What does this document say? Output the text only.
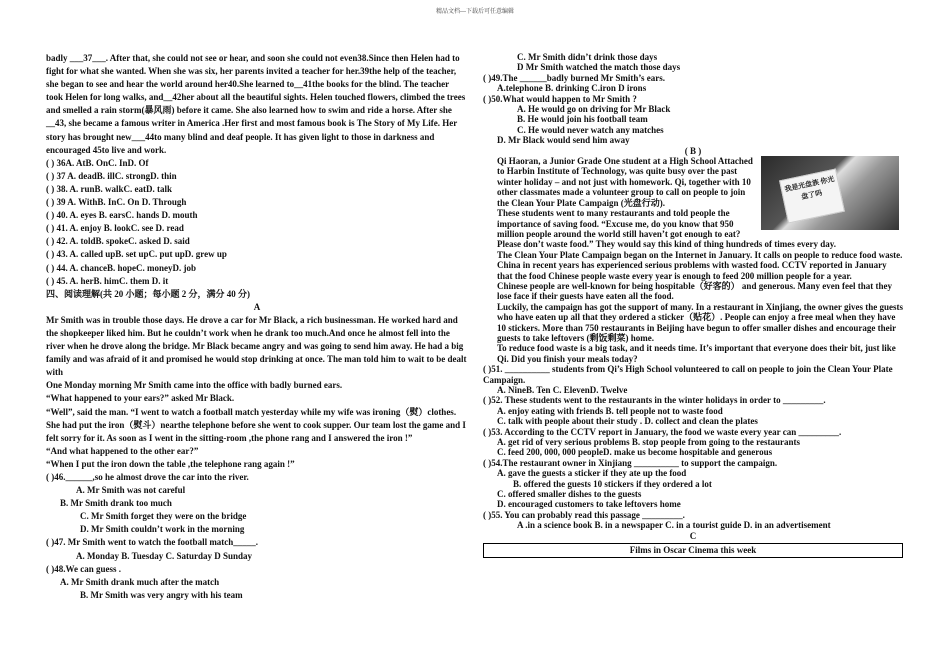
精品文档---下载后可任意编辑

badly ___37___. After that, she could not see or hear, and soon she could not even38.Since then Helen had to fight for what she wanted. When she was six, her parents invited a teacher for her.39the help of the teacher, she began to see and hear the world around her40.She learned to__41the books for the blind. The teacher took Helen for long walks, and__42her about all the beautiful sights. Helen touched flowers, climbed the trees and smelled a rain storm(暴风雨) before it came. She also learned how to swim and ride a horse. After she __43, she became a famous writer in America .Her first and most famous book is The Story of My Life. Her story has brought new___44to many blind and deaf people. It has given light to those in darkness and encouraged 45to live and work.

( ) 36A. AtB. OnC. InD. Of

( ) 37 A. deadB. illC. strongD. thin

( ) 38. A. runB. walkC. eatD. talk

( ) 39 A. WithB. InC. On D. Through

( ) 40. A. eyes B. earsC. hands D. mouth

( ) 41. A. enjoy B. lookC. see D. read

( ) 42. A. toldB. spokeC. asked D. said

( ) 43. A. called upB. set upC. put upD. grew up

( ) 44. A. chanceB. hopeC. moneyD. job

( ) 45. A. herB. himC. them D. it

四、阅读理解(共 20 小题；每小题 2 分，满分 40 分)

A

Mr Smith was in trouble those days. He drove a car for Mr Black, a rich businessman. He worked hard and the shopkeeper liked him. But he couldn’t work when he drank too much.And once he almost fell into the river when he drove along the bridge. Mr Black became angry and was going to send him away. He had a big family and was afraid of it and promised he would stop drinking at once. The man told him to wait to be dealt with

One Monday morning Mr Smith came into the office with badly burned ears.

“What happened to your ears?” asked Mr Black.

“Well”, said the man. “I went to watch a football match yesterday while my wife was ironing（熨）clothes. She had put the iron（熨斗）nearthe telephone before she went to cook supper. Our team lost the game and I felt sorry for it. As soon as I went in the sitting-room ,the phone rang and I answered the iron !”

“And what happened to the other ear?”

“When I put the iron down the table ,the telephone rang again !”

( )46.______,so he almost drove the car into the river.

A. Mr Smith was not careful

B. Mr Smith drank too much

C. Mr Smith forget they were on the bridge

D. Mr Smith couldn’t work in the morning

( )47. Mr Smith went to watch the football match_____.

A. Monday B. Tuesday C. Saturday D Sunday

( )48.We can guess .

A. Mr Smith drank much after the match

B. Mr Smith was very angry with his team

C. Mr Smith didn’t drink those days

D Mr Smith watched the match those days

( )49.The ______badly burned Mr Smith’s ears.

A.telephone B. drinking C.iron D irons

( )50.What would happen to Mr Smith ?

A. He would go on driving for Mr Black

B. He would join his football team

C. He would never watch any matches

D. Mr Black would send him away

( B )

我是光盘族 你光盘了吗

Qi Haoran, a Junior Grade One student at a High School Attached to Harbin Institute of Technology, was quite busy over the past winter holiday – and not just with homework. Qi, together with 10 other classmates made a volunteer group to call on people to join the Clean Your Plate Campaign (光盘行动).

These students went to many restaurants and told people the importance of saving food. “Excuse me, do you know that 950 million people around the world still haven’t got enough to eat? Please don’t waste food.” They would say this kind of thing hundreds of times every day.

The Clean Your Plate Campaign began on the Internet in January. It calls on people to reduce food waste. China in recent years has experienced serious problems with wasted food. CCTV reported in January that the food Chinese people waste every year is enough to feed 200 million people for a year.

Chinese people are well-known for being hospitable（好客的） and generous. Many even feel that they lose face if their guests have eaten all the food.

Luckily, the campaign has got the support of many. In a restaurant in Xinjiang, the owner gives the guests who have eaten up all that they ordered a sticker（贴花）. People can enjoy a free meal when they have 10 stickers. More than 750 restaurants in Beijing have begun to offer smaller dishes and encourage their guests to take leftovers (剩饭剩菜) home.

To reduce food waste is a big task, and it needs time. It’s important that everyone does their bit, just like Qi. Did you finish your meals today?

( )51. __________ students from Qi’s High School volunteered to call on people to join the Clean Your Plate Campaign.

A. NineB. Ten C. ElevenD. Twelve

( )52. These students went to the restaurants in the winter holidays in order to _________.

A. enjoy eating with friends B. tell people not to waste food

C. talk with people about their study . D. collect and clean the plates

( )53. According to the CCTV report in January, the food we waste every year can _________.

A. get rid of very serious problems B. stop people from going to the restaurants

C. feed 200, 000, 000 peopleD. make us become hospitable and generous

( )54.The restaurant owner in Xinjiang __________ to support the campaign.

A. gave the guests a sticker if they ate up the food

B. offered the guests 10 stickers if they ordered a lot

C. offered smaller dishes to the guests

D. encouraged customers to take leftovers home

( )55. You can probably read this passage _________.

A .in a science book B. in a newspaper C. in a tourist guide D. in an advertisement

C

Films in Oscar Cinema this week
